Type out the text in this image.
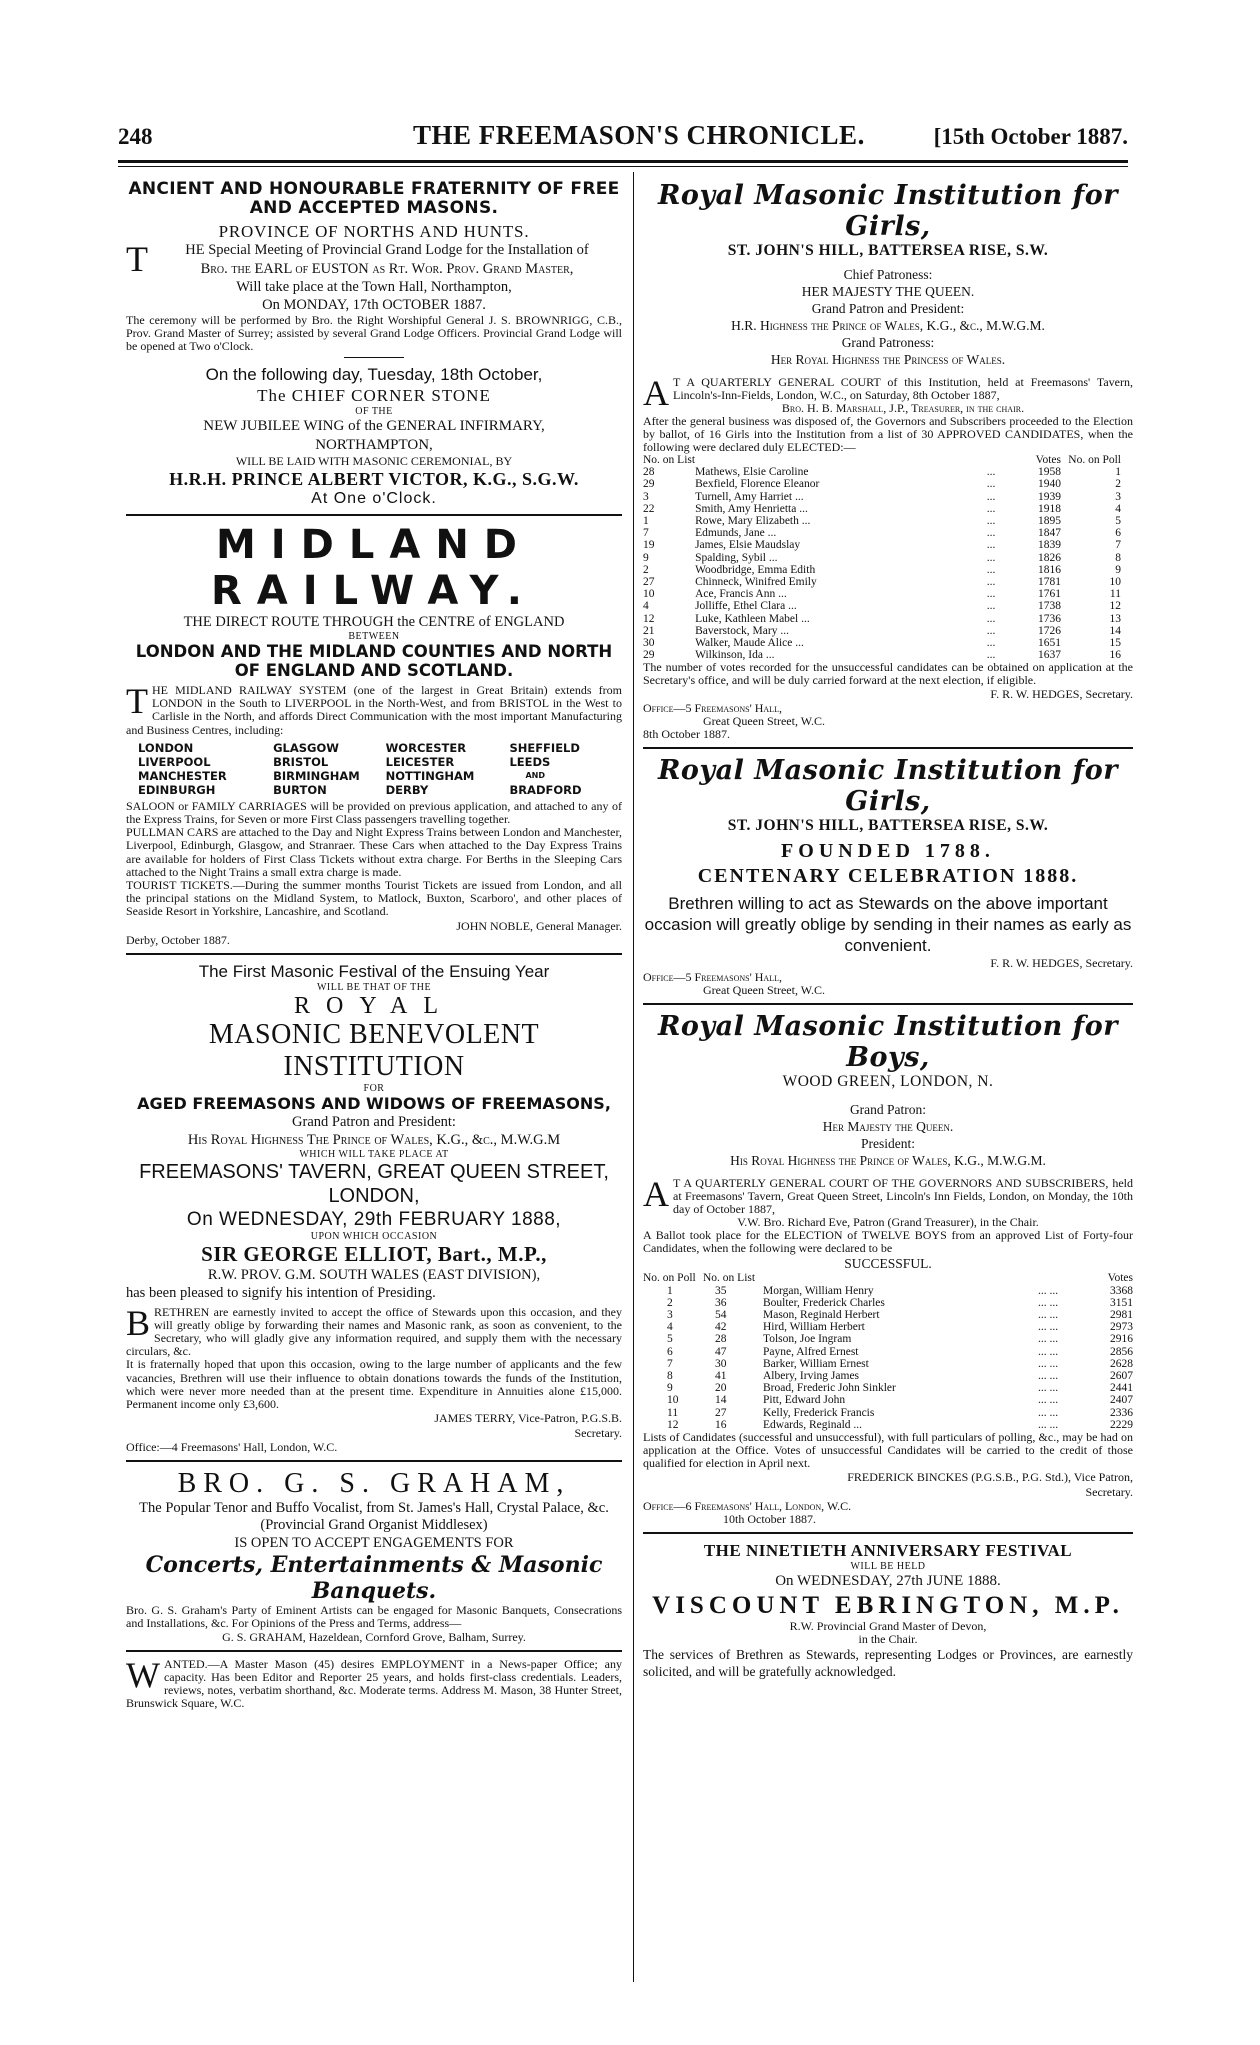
248	THE FREEMASON'S CHRONICLE.	[15th October 1887.
ANCIENT AND HONOURABLE FRATERNITY OF FREE AND ACCEPTED MASONS.
PROVINCE OF NORTHS AND HUNTS.
T	HE Special Meeting of Provincial Grand Lodge for the Installation of
Bro. the EARL of EUSTON as Rt. Wor. Prov. Grand Master,
Will take place at the Town Hall, Northampton,
On MONDAY, 17th OCTOBER 1887.
The ceremony will be performed by Bro. the Right Worshipful General J. S. BROWNRIGG, C.B., Prov. Grand Master of Surrey; assisted by several Grand Lodge Officers. Provincial Grand Lodge will be opened at Two o'Clock.
On the following day, Tuesday, 18th October,
The CHIEF CORNER STONE
OF THE
NEW JUBILEE WING of the GENERAL INFIRMARY,
NORTHAMPTON,
WILL BE LAID WITH MASONIC CEREMONIAL, BY
H.R.H. PRINCE ALBERT VICTOR, K.G., S.G.W.
At One o'Clock.
MIDLAND RAILWAY.
THE DIRECT ROUTE THROUGH the CENTRE of ENGLAND
BETWEEN
LONDON AND THE MIDLAND COUNTIES AND NORTH OF ENGLAND AND SCOTLAND.
THE MIDLAND RAILWAY SYSTEM (one of the largest in Great Britain) extends from LONDON in the South to LIVERPOOL in the North-West, and from BRISTOL in the West to Carlisle in the North, and affords Direct Communication with the most important Manufacturing and Business Centres, including:
LONDON	GLASGOW	WORCESTER	SHEFFIELD
LIVERPOOL	BRISTOL	LEICESTER	LEEDS
MANCHESTER	BIRMINGHAM	NOTTINGHAM	AND
EDINBURGH	BURTON	DERBY	BRADFORD
SALOON or FAMILY CARRIAGES will be provided on previous application, and attached to any of the Express Trains, for Seven or more First Class passengers travelling together.
PULLMAN CARS are attached to the Day and Night Express Trains between London and Manchester, Liverpool, Edinburgh, Glasgow, and Stranraer. These Cars when attached to the Day Express Trains are available for holders of First Class Tickets without extra charge. For Berths in the Sleeping Cars attached to the Night Trains a small extra charge is made.
TOURIST TICKETS.—During the summer months Tourist Tickets are issued from London, and all the principal stations on the Midland System, to Matlock, Buxton, Scarboro', and other places of Seaside Resort in Yorkshire, Lancashire, and Scotland.
JOHN NOBLE, General Manager.
Derby, October 1887.
The First Masonic Festival of the Ensuing Year
WILL BE THAT OF THE
ROYAL
MASONIC BENEVOLENT INSTITUTION
FOR
AGED FREEMASONS AND WIDOWS OF FREEMASONS,
Grand Patron and President:
His Royal Highness The Prince of Wales, K.G., &c., M.W.G.M
WHICH WILL TAKE PLACE AT
FREEMASONS' TAVERN, GREAT QUEEN STREET, LONDON,
On WEDNESDAY, 29th FEBRUARY 1888,
UPON WHICH OCCASION
SIR GEORGE ELLIOT, Bart., M.P.,
R.W. PROV. G.M. SOUTH WALES (EAST DIVISION),
has been pleased to signify his intention of Presiding.
BRETHREN are earnestly invited to accept the office of Stewards upon this occasion, and they will greatly oblige by forwarding their names and Masonic rank, as soon as convenient, to the Secretary, who will gladly give any information required, and supply them with the necessary circulars, &c.
It is fraternally hoped that upon this occasion, owing to the large number of applicants and the few vacancies, Brethren will use their influence to obtain donations towards the funds of the Institution, which were never more needed than at the present time. Expenditure in Annuities alone £15,000. Permanent income only £3,600.
JAMES TERRY, Vice-Patron, P.G.S.B.
Secretary.
Office:—4 Freemasons' Hall, London, W.C.
BRO. G. S. GRAHAM,
The Popular Tenor and Buffo Vocalist, from St. James's Hall, Crystal Palace, &c.
(Provincial Grand Organist Middlesex)
IS OPEN TO ACCEPT ENGAGEMENTS FOR
Concerts, Entertainments & Masonic Banquets.
Bro. G. S. Graham's Party of Eminent Artists can be engaged for Masonic Banquets, Consecrations and Installations, &c. For Opinions of the Press and Terms, address—
G. S. GRAHAM, Hazeldean, Cornford Grove, Balham, Surrey.
WANTED.—A Master Mason (45) desires EMPLOYMENT in a News-paper Office; any capacity. Has been Editor and Reporter 25 years, and holds first-class credentials. Leaders, reviews, notes, verbatim shorthand, &c. Moderate terms. Address M. Mason, 38 Hunter Street, Brunswick Square, W.C.
Royal Masonic Institution for Girls,
ST. JOHN'S HILL, BATTERSEA RISE, S.W.
Chief Patroness:
HER MAJESTY THE QUEEN.
Grand Patron and President:
H.R. Highness the Prince of Wales, K.G., &c., M.W.G.M.
Grand Patroness:
Her Royal Highness the Princess of Wales.
A T A QUARTERLY GENERAL COURT of this Institution, held at Freemasons' Tavern, Lincoln's-Inn-Fields, London, W.C., on Saturday, 8th October 1887,
Bro. H. B. Marshall, J.P., Treasurer, in the chair.
After the general business was disposed of, the Governors and Subscribers proceeded to the Election by ballot, of 16 Girls into the Institution from a list of 30 APPROVED CANDIDATES, when the following were declared duly ELECTED:—
No. on List			Votes	No. on Poll
28	Mathews, Elsie Caroline	...	1958	1
29	Bexfield, Florence Eleanor	...	1940	2
3	Turnell, Amy Harriet ...	...	1939	3
22	Smith, Amy Henrietta ...	...	1918	4
1	Rowe, Mary Elizabeth ...	...	1895	5
7	Edmunds, Jane ...	...	1847	6
19	James, Elsie Maudslay	...	1839	7
9	Spalding, Sybil ...	...	1826	8
2	Woodbridge, Emma Edith	...	1816	9
27	Chinneck, Winifred Emily	...	1781	10
10	Ace, Francis Ann ...	...	1761	11
4	Jolliffe, Ethel Clara ...	...	1738	12
12	Luke, Kathleen Mabel ...	...	1736	13
21	Baverstock, Mary ...	...	1726	14
30	Walker, Maude Alice ...	...	1651	15
29	Wilkinson, Ida ...	...	1637	16
The number of votes recorded for the unsuccessful candidates can be obtained on application at the Secretary's office, and will be duly carried forward at the next election, if eligible.
F. R. W. HEDGES, Secretary.
Office—5 Freemasons' Hall,
Great Queen Street, W.C.
8th October 1887.
Royal Masonic Institution for Girls,
ST. JOHN'S HILL, BATTERSEA RISE, S.W.
FOUNDED 1788.
CENTENARY CELEBRATION 1888.
Brethren willing to act as Stewards on the above important occasion will greatly oblige by sending in their names as early as convenient.
F. R. W. HEDGES, Secretary.
Office—5 Freemasons' Hall,
Great Queen Street, W.C.
Royal Masonic Institution for Boys,
WOOD GREEN, LONDON, N.
Grand Patron:
Her Majesty the Queen.
President:
His Royal Highness the Prince of Wales, K.G., M.W.G.M.
A T A QUARTERLY GENERAL COURT OF THE GOVERNORS AND SUBSCRIBERS, held at Freemasons' Tavern, Great Queen Street, Lincoln's Inn Fields, London, on Monday, the 10th day of October 1887,
V.W. Bro. Richard Eve, Patron (Grand Treasurer), in the Chair.
A Ballot took place for the ELECTION of TWELVE BOYS from an approved List of Forty-four Candidates, when the following were declared to be
SUCCESSFUL.
No. on Poll	No. on List			Votes
1	35	Morgan, William Henry	... ...	3368
2	36	Boulter, Frederick Charles	... ...	3151
3	54	Mason, Reginald Herbert	... ...	2981
4	42	Hird, William Herbert	... ...	2973
5	28	Tolson, Joe Ingram	... ...	2916
6	47	Payne, Alfred Ernest	... ...	2856
7	30	Barker, William Ernest	... ...	2628
8	41	Albery, Irving James	... ...	2607
9	20	Broad, Frederic John Sinkler	... ...	2441
10	14	Pitt, Edward John	... ...	2407
11	27	Kelly, Frederick Francis	... ...	2336
12	16	Edwards, Reginald ...	... ...	2229
Lists of Candidates (successful and unsuccessful), with full particulars of polling, &c., may be had on application at the Office. Votes of unsuccessful Candidates will be carried to the credit of those qualified for election in April next.
FREDERICK BINCKES (P.G.S.B., P.G. Std.), Vice Patron,
Secretary.
Office—6 Freemasons' Hall, London, W.C.
10th October 1887.
THE NINETIETH ANNIVERSARY FESTIVAL
WILL BE HELD
On WEDNESDAY, 27th JUNE 1888.
VISCOUNT EBRINGTON, M.P.
R.W. Provincial Grand Master of Devon,
in the Chair.
The services of Brethren as Stewards, representing Lodges or Provinces, are earnestly solicited, and will be gratefully acknowledged.
